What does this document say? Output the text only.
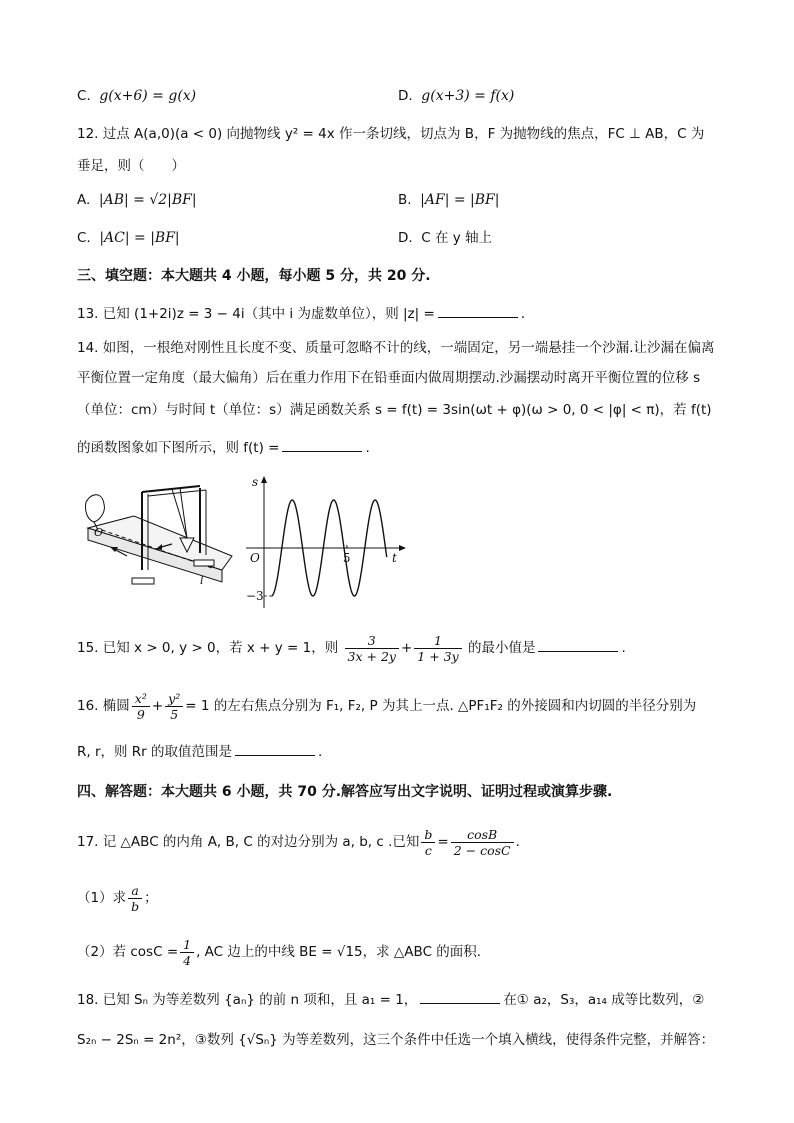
C. g(x+6) = g(x)	D. g(x+3) = f(x)
12. 过点 A(a,0)(a < 0) 向抛物线 y² = 4x 作一条切线，切点为 B，F 为抛物线的焦点，FC ⊥ AB，C 为
垂足，则（　　）
A. |AB| = √2|BF|	B. |AF| = |BF|
C. |AC| = |BF|	D. C 在 y 轴上
三、填空题：本大题共 4 小题，每小题 5 分，共 20 分.
13. 已知 (1+2i)z = 3 − 4i（其中 i 为虚数单位），则 |z| =	.
14. 如图，一根绝对刚性且长度不变、质量可忽略不计的线，一端固定，另一端悬挂一个沙漏.让沙漏在偏离
平衡位置一定角度（最大偏角）后在重力作用下在铅垂面内做周期摆动.沙漏摆动时离开平衡位置的位移 s
（单位：cm）与时间 t（单位：s）满足函数关系 s = f(t) = 3sin(ωt + φ)(ω > 0, 0 < |φ| < π)，若 f(t)
的函数图象如下图所示，则 f(t) =	.
O
l
s
t
O	5
−3
15. 已知 x > 0, y > 0，若 x + y = 1，则 $\frac{3}{3x + 2y} + \frac{1}{1 + 3y}$ 的最小值是	.
16. 椭圆 $\frac{\text{x²}}{9} + \frac{\text{y²}}{5} = 1$ 的左右焦点分别为 F₁, F₂, P 为其上一点. △PF₁F₂ 的外接圆和内切圆的半径分别为
R, r，则 Rr 的取值范围是	.
四、解答题：本大题共 6 小题，共 70 分.解答应写出文字说明、证明过程或演算步骤.
17. 记 △ABC 的内角 A, B, C 的对边分别为 a, b, c .已知 $\frac{b}{c} = \frac{\cos B}{2 - \cos C}$ .
（1）求 $\frac{a}{b}$ ；
（2）若 $\cos C = \frac{1}{4}$ , AC 边上的中线 BE = √15，求 △ABC 的面积.
18. 已知 Sₙ 为等差数列 {aₙ} 的前 n 项和，且 a₁ = 1，	在① a₂，S₃，a₁₄ 成等比数列，②
S₂ₙ − 2Sₙ = 2n²，③数列 {√Sₙ} 为等差数列，这三个条件中任选一个填入横线，使得条件完整，并解答：
